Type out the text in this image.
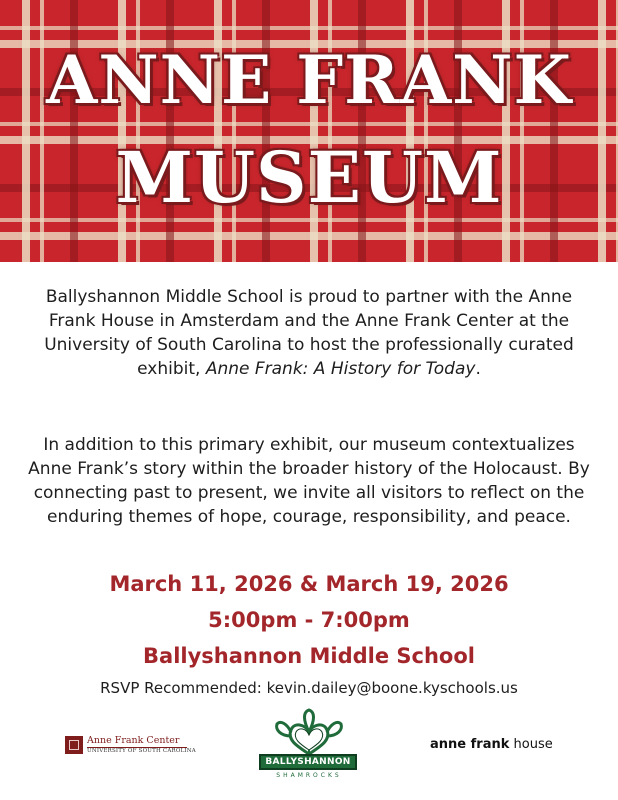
ANNE FRANK
MUSEUM

Ballyshannon Middle School is proud to partner with the Anne Frank House in Amsterdam and the Anne Frank Center at the University of South Carolina to host the professionally curated exhibit, Anne Frank: A History for Today.

In addition to this primary exhibit, our museum contextualizes Anne Frank’s story within the broader history of the Holocaust. By connecting past to present, we invite all visitors to reflect on the enduring themes of hope, courage, responsibility, and peace.

March 11, 2026 & March 19, 2026
5:00pm - 7:00pm
Ballyshannon Middle School
RSVP Recommended: kevin.dailey@boone.kyschools.us
Anne Frank Center
UNIVERSITY OF SOUTH CAROLINA
BALLYSHANNON
SHAMROCKS
anne frank house
